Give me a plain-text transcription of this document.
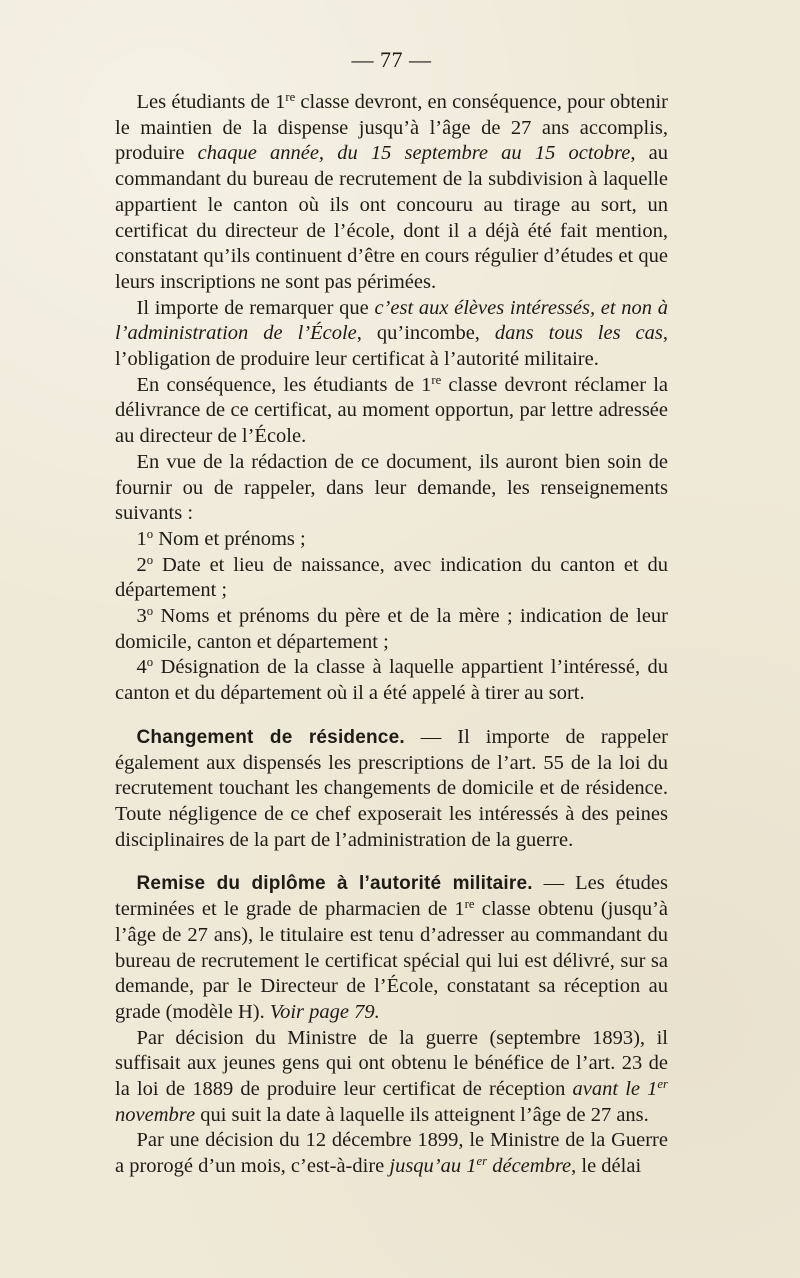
— 77 —

Les étudiants de 1re classe devront, en conséquence, pour obtenir le maintien de la dispense jusqu’à l’âge de 27 ans accomplis, produire chaque année, du 15 septembre au 15 octobre, au commandant du bureau de recrutement de la subdivision à laquelle appartient le canton où ils ont concouru au tirage au sort, un certificat du directeur de l’école, dont il a déjà été fait mention, constatant qu’ils continuent d’être en cours régulier d’études et que leurs inscriptions ne sont pas périmées.

Il importe de remarquer que c’est aux élèves intéressés, et non à l’administration de l’École, qu’incombe, dans tous les cas, l’obligation de produire leur certificat à l’autorité militaire.

En conséquence, les étudiants de 1re classe devront réclamer la délivrance de ce certificat, au moment opportun, par lettre adressée au directeur de l’École.

En vue de la rédaction de ce document, ils auront bien soin de fournir ou de rappeler, dans leur demande, les renseignements suivants :

1$^o$ Nom et prénoms ;

2$^o$ Date et lieu de naissance, avec indication du canton et du département ;

3$^o$ Noms et prénoms du père et de la mère ; indication de leur domicile, canton et département ;

4$^o$ Désignation de la classe à laquelle appartient l’intéressé, du canton et du département où il a été appelé à tirer au sort.

Changement de résidence. — Il importe de rappeler également aux dispensés les prescriptions de l’art. 55 de la loi du recrutement touchant les changements de domicile et de résidence. Toute négligence de ce chef exposerait les intéressés à des peines disciplinaires de la part de l’administration de la guerre.

Remise du diplôme à l’autorité militaire. — Les études terminées et le grade de pharmacien de 1re classe obtenu (jusqu’à l’âge de 27 ans), le titulaire est tenu d’adresser au commandant du bureau de recrutement le certificat spécial qui lui est délivré, sur sa demande, par le Directeur de l’École, constatant sa réception au grade (modèle H). Voir page 79.

Par décision du Ministre de la guerre (septembre 1893), il suffisait aux jeunes gens qui ont obtenu le bénéfice de l’art. 23 de la loi de 1889 de produire leur certificat de réception avant le 1er novembre qui suit la date à laquelle ils atteignent l’âge de 27 ans.

Par une décision du 12 décembre 1899, le Ministre de la Guerre a prorogé d’un mois, c’est-à-dire jusqu’au 1er décembre, le délai
